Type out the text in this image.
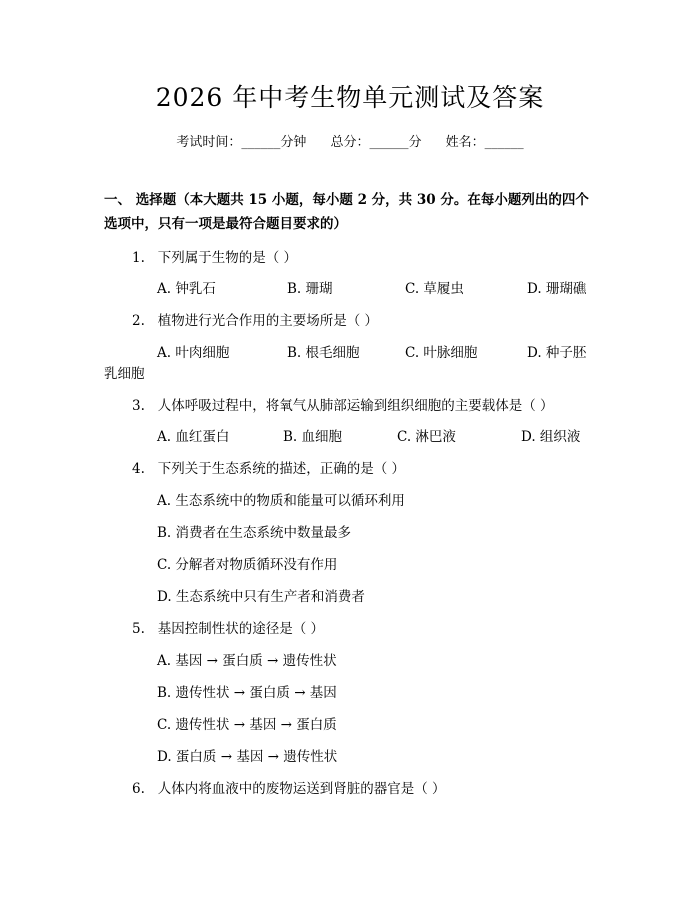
2026 年中考生物单元测试及答案
考试时间：______分钟 总分：______分 姓名：______
一、 选择题（本大题共 15 小题，每小题 2 分，共 30 分。在每小题列出的四个选项中，只有一项是最符合题目要求的）
1. 下列属于生物的是（ ）
A. 钟乳石	B. 珊瑚	C. 草履虫	D. 珊瑚礁
2. 植物进行光合作用的主要场所是（ ）
A. 叶肉细胞	B. 根毛细胞	C. 叶脉细胞	D. 种子胚
乳细胞
3. 人体呼吸过程中，将氧气从肺部运输到组织细胞的主要载体是（ ）
A. 血红蛋白	B. 血细胞	C. 淋巴液	D. 组织液
4. 下列关于生态系统的描述，正确的是（ ）
A. 生态系统中的物质和能量可以循环利用
B. 消费者在生态系统中数量最多
C. 分解者对物质循环没有作用
D. 生态系统中只有生产者和消费者
5. 基因控制性状的途径是（ ）
A. 基因 → 蛋白质 → 遗传性状
B. 遗传性状 → 蛋白质 → 基因
C. 遗传性状 → 基因 → 蛋白质
D. 蛋白质 → 基因 → 遗传性状
6. 人体内将血液中的废物运送到肾脏的器官是（ ）
